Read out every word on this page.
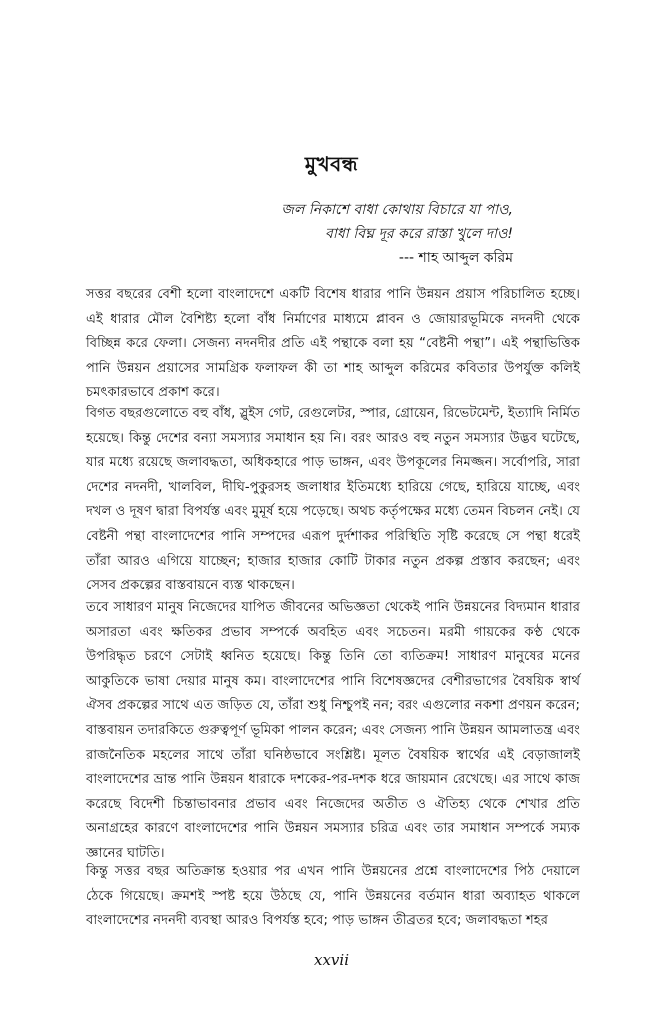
মুখবন্ধ
জল নিকাশে বাধা কোথায় বিচারে যা পাও,
বাধা বিঘ্ন দূর করে রাস্তা খুলে দাও!
--- শাহ আব্দুল করিম

সত্তর বছরের বেশী হলো বাংলাদেশে একটি বিশেষ ধারার পানি উন্নয়ন প্রয়াস পরিচালিত হচ্ছে। এই ধারার মৌল বৈশিষ্ট্য হলো বাঁধ নির্মাণের মাধ্যমে প্লাবন ও জোয়ারভূমিকে নদনদী থেকে বিচ্ছিন্ন করে ফেলা। সেজন্য নদনদীর প্রতি এই পন্থাকে বলা হয় “বেষ্টনী পন্থা”। এই পন্থাভিত্তিক পানি উন্নয়ন প্রয়াসের সামগ্রিক ফলাফল কী তা শাহ আব্দুল করিমের কবিতার উপর্যুক্ত কলিই চমৎকারভাবে প্রকাশ করে।

বিগত বছরগুলোতে বহু বাঁধ, স্লুইস গেট, রেগুলেটর, স্পার, গ্রোয়েন, রিভেটমেন্ট, ইত্যাদি নির্মিত হয়েছে। কিন্তু দেশের বন্যা সমস্যার সমাধান হয় নি। বরং আরও বহু নতুন সমস্যার উদ্ভব ঘটেছে, যার মধ্যে রয়েছে জলাবদ্ধতা, অধিকহারে পাড় ভাঙ্গন, এবং উপকূলের নিমজ্জন। সর্বোপরি, সারা দেশের নদনদী, খালবিল, দীঘি-পুকুরসহ জলাধার ইতিমধ্যে হারিয়ে গেছে, হারিয়ে যাচ্ছে, এবং দখল ও দূষণ দ্বারা বিপর্যস্ত এবং মুমূর্ষ হয়ে পড়েছে। অথচ কর্তৃপক্ষের মধ্যে তেমন বিচলন নেই। যে বেষ্টনী পন্থা বাংলাদেশের পানি সম্পদের এরূপ দুর্দশাকর পরিস্থিতি সৃষ্টি করেছে সে পন্থা ধরেই তাঁরা আরও এগিয়ে যাচ্ছেন; হাজার হাজার কোটি টাকার নতুন প্রকল্প প্রস্তাব করছেন; এবং সেসব প্রকল্পের বাস্তবায়নে ব্যস্ত থাকছেন।

তবে সাধারণ মানুষ নিজেদের যাপিত জীবনের অভিজ্ঞতা থেকেই পানি উন্নয়নের বিদ্যমান ধারার অসারতা এবং ক্ষতিকর প্রভাব সম্পর্কে অবহিত এবং সচেতন। মরমী গায়কের কণ্ঠ থেকে উপরিদ্ধৃত চরণে সেটাই ধ্বনিত হয়েছে। কিন্তু তিনি তো ব্যতিক্রম! সাধারণ মানুষের মনের আকুতিকে ভাষা দেয়ার মানুষ কম। বাংলাদেশের পানি বিশেষজ্ঞদের বেশীরভাগের বৈষয়িক স্বার্থ ঐসব প্রকল্পের সাথে এত জড়িত যে, তাঁরা শুধু নিশ্চুপই নন; বরং এগুলোর নকশা প্রণয়ন করেন; বাস্তবায়ন তদারকিতে গুরুত্বপূর্ণ ভূমিকা পালন করেন; এবং সেজন্য পানি উন্নয়ন আমলাতন্ত্র এবং রাজনৈতিক মহলের সাথে তাঁরা ঘনিষ্ঠভাবে সংশ্লিষ্ট। মূলত বৈষয়িক স্বার্থের এই বেড়াজালই বাংলাদেশের ভ্রান্ত পানি উন্নয়ন ধারাকে দশকের-পর-দশক ধরে জায়মান রেখেছে। এর সাথে কাজ করেছে বিদেশী চিন্তাভাবনার প্রভাব এবং নিজেদের অতীত ও ঐতিহ্য থেকে শেখার প্রতি অনাগ্রহের কারণে বাংলাদেশের পানি উন্নয়ন সমস্যার চরিত্র এবং তার সমাধান সম্পর্কে সম্যক জ্ঞানের ঘাটতি।

কিন্তু সত্তর বছর অতিক্রান্ত হওয়ার পর এখন পানি উন্নয়নের প্রশ্নে বাংলাদেশের পিঠ দেয়ালে ঠেকে গিয়েছে। ক্রমশই স্পষ্ট হয়ে উঠছে যে, পানি উন্নয়নের বর্তমান ধারা অব্যাহত থাকলে বাংলাদেশের নদনদী ব্যবস্থা আরও বিপর্যস্ত হবে; পাড় ভাঙ্গন তীব্রতর হবে; জলাবদ্ধতা শহর

xxvii
